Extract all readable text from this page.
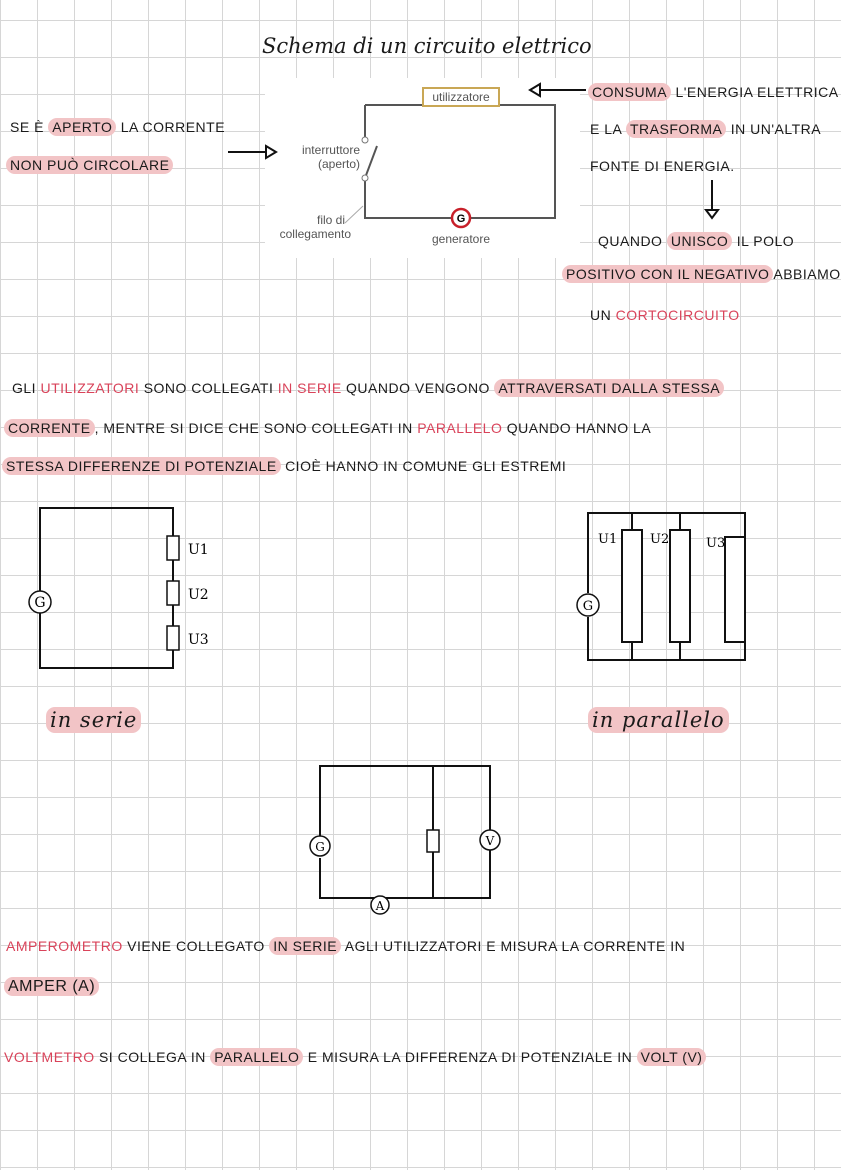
Schema di un circuito elettrico
utilizzatore
interruttore
(aperto)
filo di
collegamento
G
generatore
SE È APERTO LA CORRENTE
NON PUÒ CIRCOLARE
CONSUMA L'ENERGIA ELETTRICA
E LA TRASFORMA IN UN'ALTRA
FONTE DI ENERGIA.
QUANDO UNISCO IL POLO
POSITIVO CON IL NEGATIVO ABBIAMO
UN CORTOCIRCUITO
GLI UTILIZZATORI SONO COLLEGATI IN SERIE QUANDO VENGONO ATTRAVERSATI DALLA STESSA
CORRENTE , MENTRE SI DICE CHE SONO COLLEGATI IN PARALLELO QUANDO HANNO LA
STESSA DIFFERENZE DI POTENZIALE CIOÈ HANNO IN COMUNE GLI ESTREMI
G
U1
U2
U3
in serie
G
U1	U2	U3
in parallelo
G	V
A
AMPEROMETRO VIENE COLLEGATO IN SERIE AGLI UTILIZZATORI E MISURA LA CORRENTE IN
AMPER (A)
VOLTMETRO SI COLLEGA IN PARALLELO E MISURA LA DIFFERENZA DI POTENZIALE IN VOLT (V)
